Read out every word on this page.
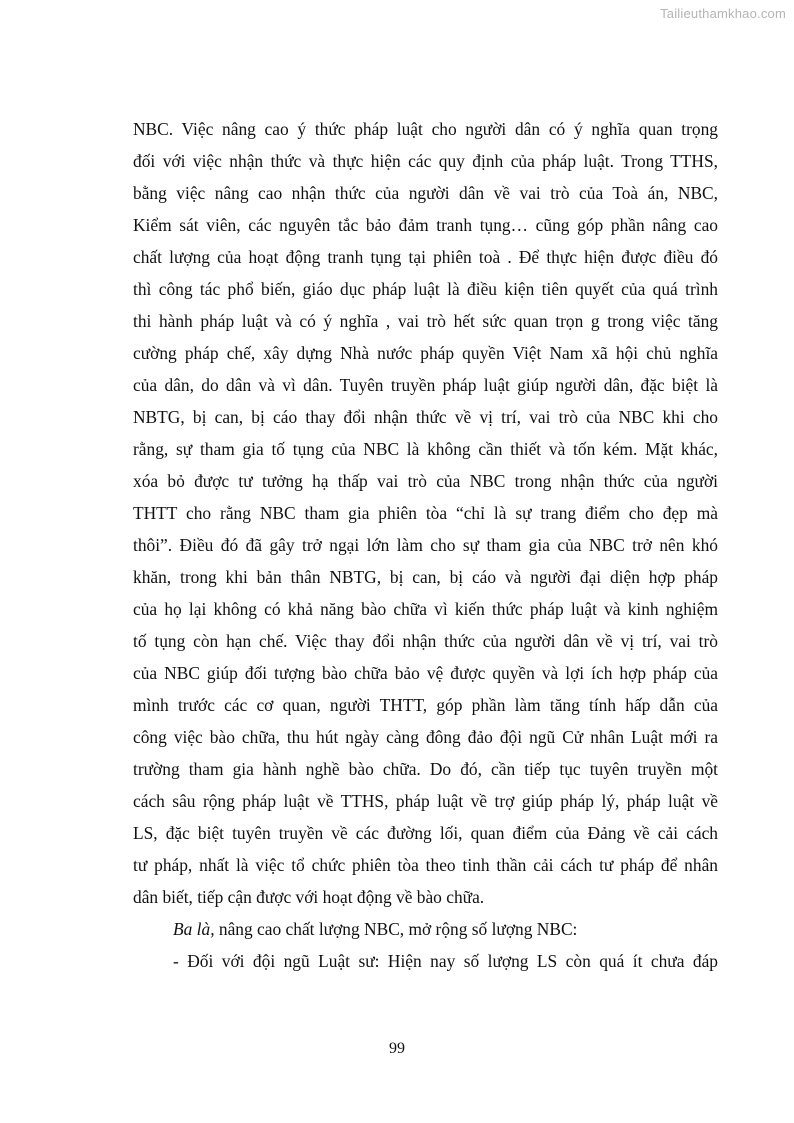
Tailieuthamkhao.com
NBC. Việc nâng cao ý thức pháp luật cho người dân có ý nghĩa quan trọng
đối với việc nhận thức và thực hiện các quy định của pháp luật. Trong TTHS,
bằng việc nâng cao nhận thức của người dân về vai trò của Toà án, NBC,
Kiểm sát viên, các nguyên tắc bảo đảm tranh tụng… cũng góp phần nâng cao
chất lượng của hoạt động tranh tụng tại phiên toà . Để thực hiện được điều đó
thì công tác phổ biến, giáo dục pháp luật là điều kiện tiên quyết của quá trình
thi hành pháp luật và có ý nghĩa , vai trò hết sức quan trọn g trong việc tăng
cường pháp chế, xây dựng Nhà nước pháp quyền Việt Nam xã hội chủ nghĩa
của dân, do dân và vì dân. Tuyên truyền pháp luật giúp người dân, đặc biệt là
NBTG, bị can, bị cáo thay đổi nhận thức về vị trí, vai trò của NBC khi cho
rằng, sự tham gia tố tụng của NBC là không cần thiết và tốn kém. Mặt khác,
xóa bỏ được tư tưởng hạ thấp vai trò của NBC trong nhận thức của người
THTT cho rằng NBC tham gia phiên tòa “chỉ là sự trang điểm cho đẹp mà
thôi”. Điều đó đã gây trở ngại lớn làm cho sự tham gia của NBC trở nên khó
khăn, trong khi bản thân NBTG, bị can, bị cáo và người đại diện hợp pháp
của họ lại không có khả năng bào chữa vì kiến thức pháp luật và kinh nghiệm
tố tụng còn hạn chế. Việc thay đổi nhận thức của người dân về vị trí, vai trò
của NBC giúp đối tượng bào chữa bảo vệ được quyền và lợi ích hợp pháp của
mình trước các cơ quan, người THTT, góp phần làm tăng tính hấp dẫn của
công việc bào chữa, thu hút ngày càng đông đảo đội ngũ Cử nhân Luật mới ra
trường tham gia hành nghề bào chữa. Do đó, cần tiếp tục tuyên truyền một
cách sâu rộng pháp luật về TTHS, pháp luật về trợ giúp pháp lý, pháp luật về
LS, đặc biệt tuyên truyền về các đường lối, quan điểm của Đảng về cải cách
tư pháp, nhất là việc tổ chức phiên tòa theo tinh thần cải cách tư pháp để nhân
dân biết, tiếp cận được với hoạt động về bào chữa.
Ba là, nâng cao chất lượng NBC, mở rộng số lượng NBC:
- Đối với đội ngũ Luật sư: Hiện nay số lượng LS còn quá ít chưa đáp
99
